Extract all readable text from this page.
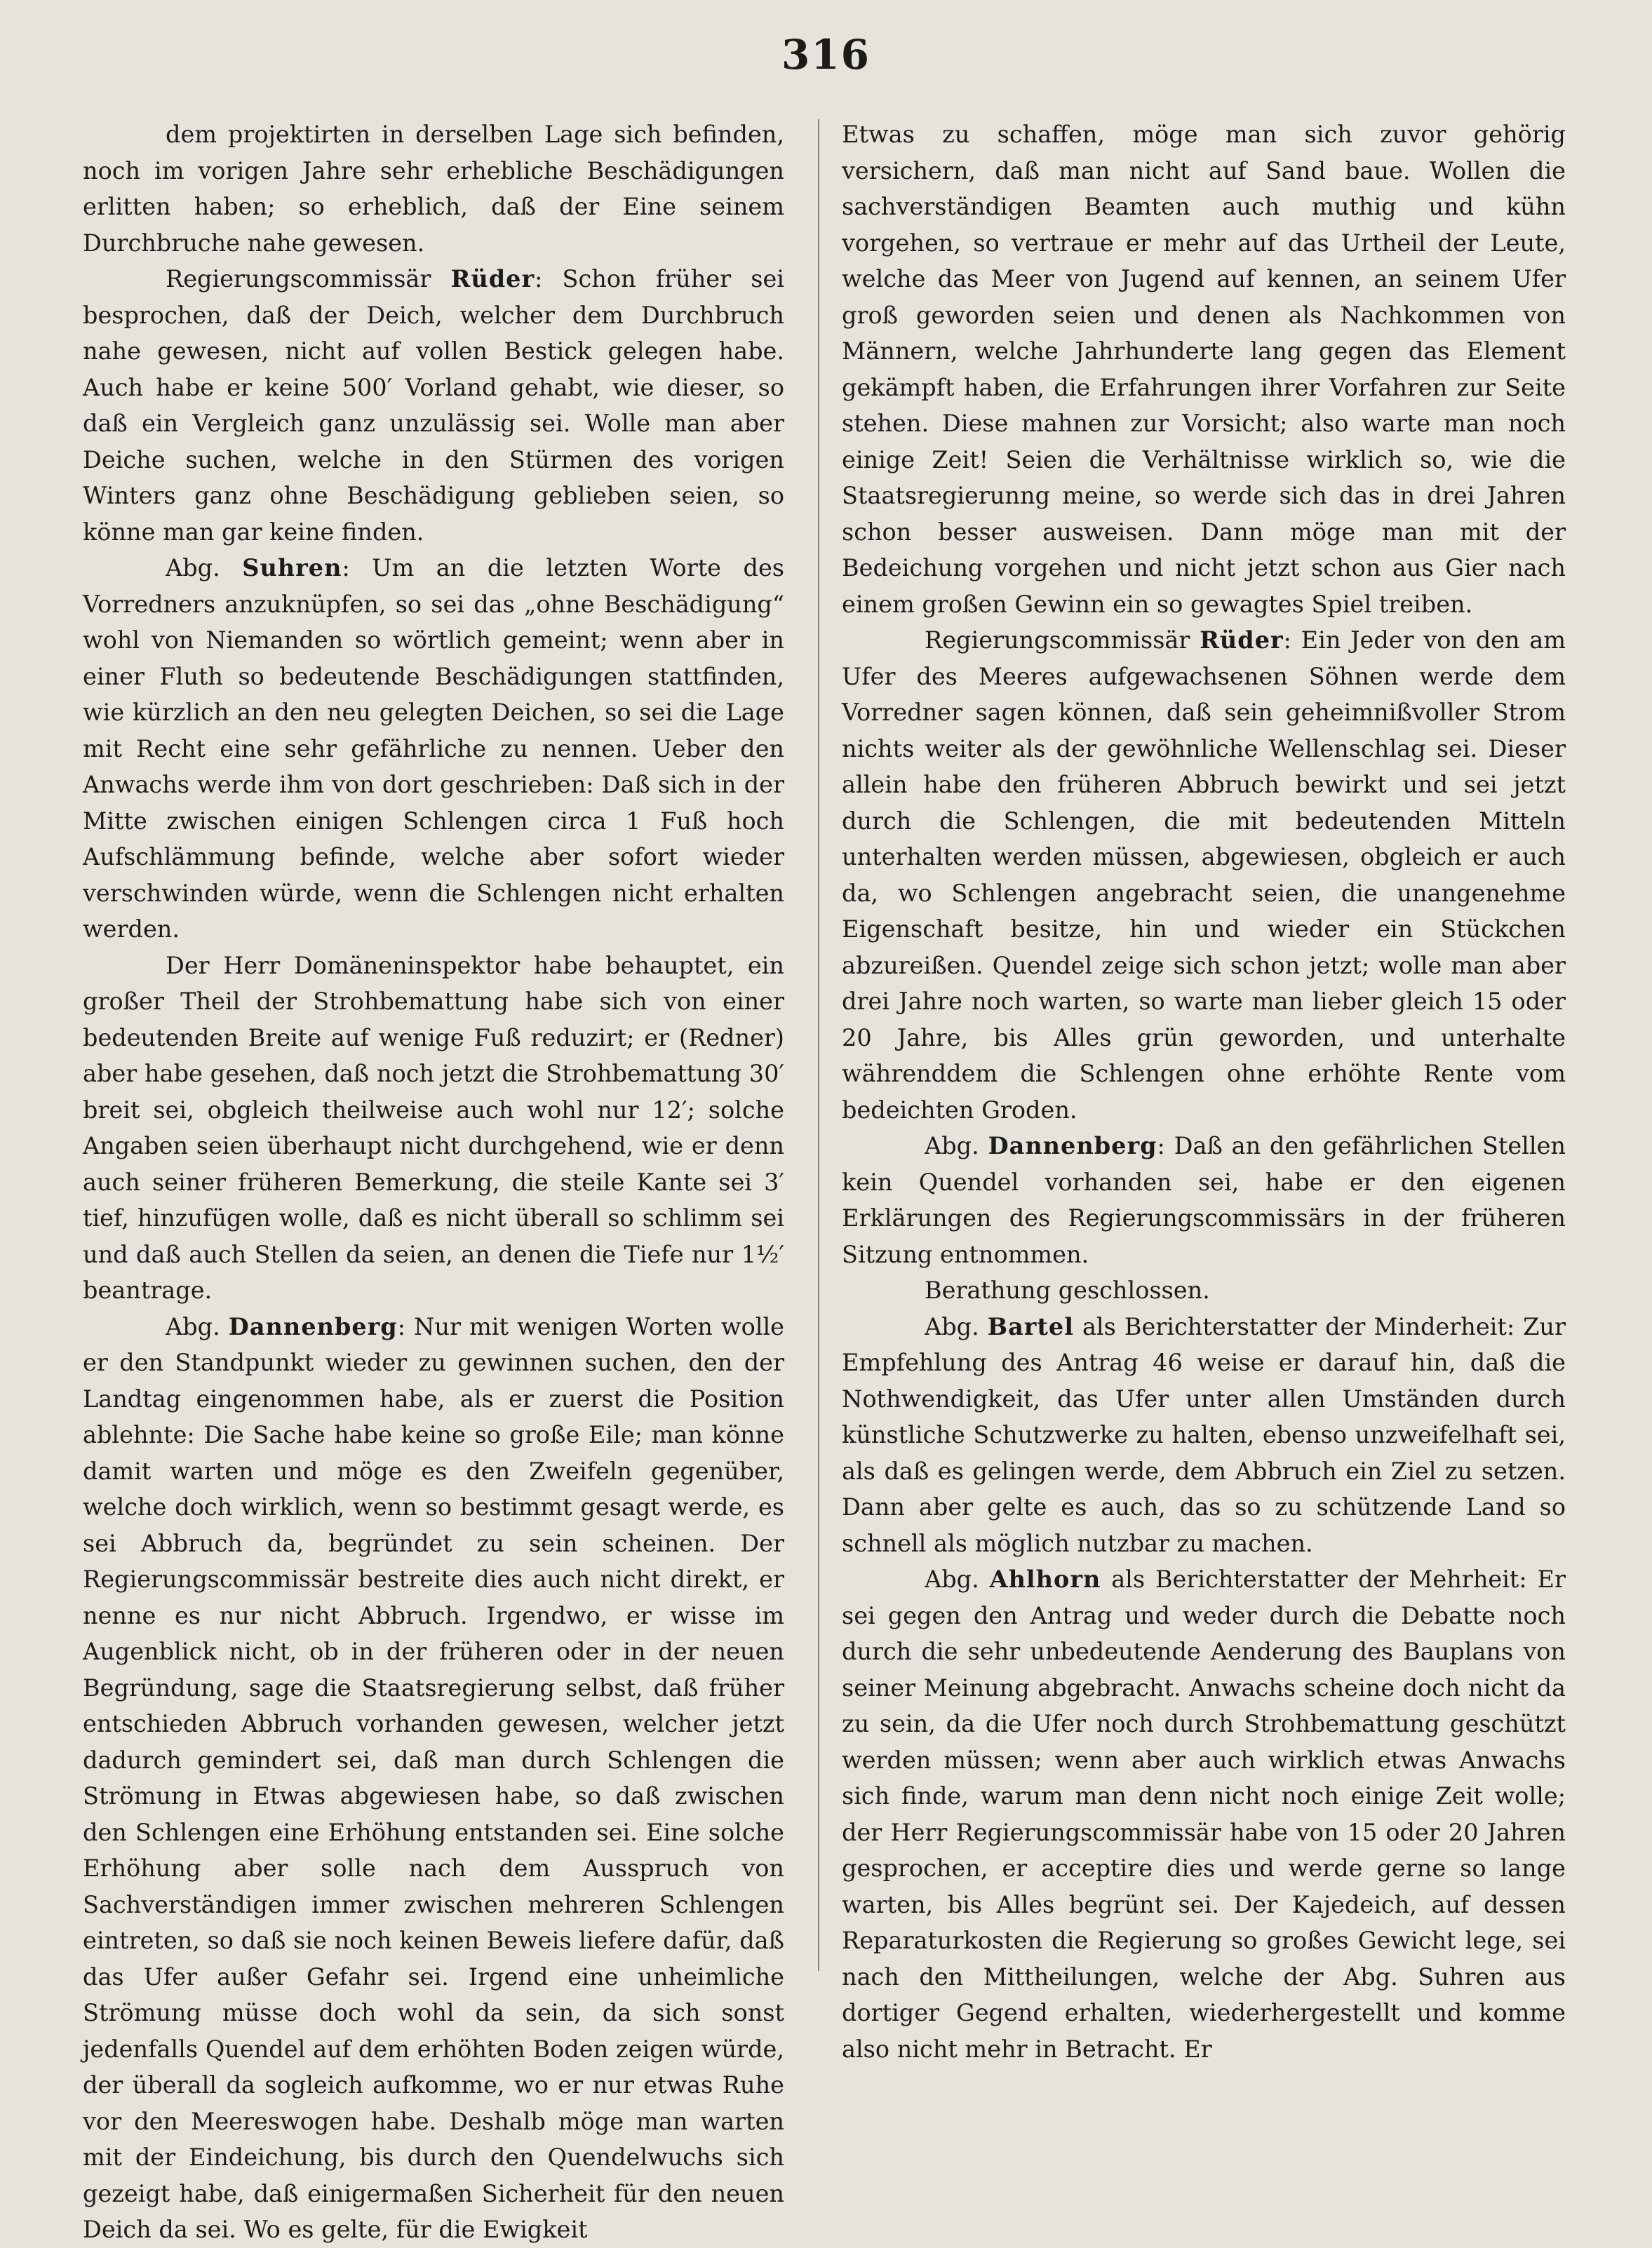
316

dem projektirten in derselben Lage sich befinden, noch im vorigen Jahre sehr erhebliche Beschädigungen erlitten haben; so erheblich, daß der Eine seinem Durchbruche nahe gewesen.

Regierungscommissär Rüder: Schon früher sei besprochen, daß der Deich, welcher dem Durchbruch nahe gewesen, nicht auf vollen Bestick gelegen habe. Auch habe er keine 500′ Vorland gehabt, wie dieser, so daß ein Vergleich ganz unzulässig sei. Wolle man aber Deiche suchen, welche in den Stürmen des vorigen Winters ganz ohne Beschädigung geblieben seien, so könne man gar keine finden.

Abg. Suhren: Um an die letzten Worte des Vorredners anzuknüpfen, so sei das „ohne Beschädigung“ wohl von Niemanden so wörtlich gemeint; wenn aber in einer Fluth so bedeutende Beschädigungen stattfinden, wie kürzlich an den neu gelegten Deichen, so sei die Lage mit Recht eine sehr gefährliche zu nennen. Ueber den Anwachs werde ihm von dort geschrieben: Daß sich in der Mitte zwischen einigen Schlengen circa 1 Fuß hoch Aufschlämmung befinde, welche aber sofort wieder verschwinden würde, wenn die Schlengen nicht erhalten werden.

Der Herr Domäneninspektor habe behauptet, ein großer Theil der Strohbemattung habe sich von einer bedeutenden Breite auf wenige Fuß reduzirt; er (Redner) aber habe gesehen, daß noch jetzt die Strohbemattung 30′ breit sei, obgleich theilweise auch wohl nur 12′; solche Angaben seien überhaupt nicht durchgehend, wie er denn auch seiner früheren Bemerkung, die steile Kante sei 3′ tief, hinzufügen wolle, daß es nicht überall so schlimm sei und daß auch Stellen da seien, an denen die Tiefe nur 1½′ beantrage.

Abg. Dannenberg: Nur mit wenigen Worten wolle er den Standpunkt wieder zu gewinnen suchen, den der Landtag eingenommen habe, als er zuerst die Position ablehnte: Die Sache habe keine so große Eile; man könne damit warten und möge es den Zweifeln gegenüber, welche doch wirklich, wenn so bestimmt gesagt werde, es sei Abbruch da, begründet zu sein scheinen. Der Regierungscommissär bestreite dies auch nicht direkt, er nenne es nur nicht Abbruch. Irgendwo, er wisse im Augenblick nicht, ob in der früheren oder in der neuen Begründung, sage die Staatsregierung selbst, daß früher entschieden Abbruch vorhanden gewesen, welcher jetzt dadurch gemindert sei, daß man durch Schlengen die Strömung in Etwas abgewiesen habe, so daß zwischen den Schlengen eine Erhöhung entstanden sei. Eine solche Erhöhung aber solle nach dem Ausspruch von Sachverständigen immer zwischen mehreren Schlengen eintreten, so daß sie noch keinen Beweis liefere dafür, daß das Ufer außer Gefahr sei. Irgend eine unheimliche Strömung müsse doch wohl da sein, da sich sonst jedenfalls Quendel auf dem erhöhten Boden zeigen würde, der überall da sogleich aufkomme, wo er nur etwas Ruhe vor den Meereswogen habe. Deshalb möge man warten mit der Eindeichung, bis durch den Quendelwuchs sich gezeigt habe, daß einigermaßen Sicherheit für den neuen Deich da sei. Wo es gelte, für die Ewigkeit

Etwas zu schaffen, möge man sich zuvor gehörig versichern, daß man nicht auf Sand baue. Wollen die sachverständigen Beamten auch muthig und kühn vorgehen, so vertraue er mehr auf das Urtheil der Leute, welche das Meer von Jugend auf kennen, an seinem Ufer groß geworden seien und denen als Nachkommen von Männern, welche Jahrhunderte lang gegen das Element gekämpft haben, die Erfahrungen ihrer Vorfahren zur Seite stehen. Diese mahnen zur Vorsicht; also warte man noch einige Zeit! Seien die Verhältnisse wirklich so, wie die Staatsregierunng meine, so werde sich das in drei Jahren schon besser ausweisen. Dann möge man mit der Bedeichung vorgehen und nicht jetzt schon aus Gier nach einem großen Gewinn ein so gewagtes Spiel treiben.

Regierungscommissär Rüder: Ein Jeder von den am Ufer des Meeres aufgewachsenen Söhnen werde dem Vorredner sagen können, daß sein geheimnißvoller Strom nichts weiter als der gewöhnliche Wellenschlag sei. Dieser allein habe den früheren Abbruch bewirkt und sei jetzt durch die Schlengen, die mit bedeutenden Mitteln unterhalten werden müssen, abgewiesen, obgleich er auch da, wo Schlengen angebracht seien, die unangenehme Eigenschaft besitze, hin und wieder ein Stückchen abzureißen. Quendel zeige sich schon jetzt; wolle man aber drei Jahre noch warten, so warte man lieber gleich 15 oder 20 Jahre, bis Alles grün geworden, und unterhalte währenddem die Schlengen ohne erhöhte Rente vom bedeichten Groden.

Abg. Dannenberg: Daß an den gefährlichen Stellen kein Quendel vorhanden sei, habe er den eigenen Erklärungen des Regierungscommissärs in der früheren Sitzung entnommen.

Berathung geschlossen.

Abg. Bartel als Berichterstatter der Minderheit: Zur Empfehlung des Antrag 46 weise er darauf hin, daß die Nothwendigkeit, das Ufer unter allen Umständen durch künstliche Schutzwerke zu halten, ebenso unzweifelhaft sei, als daß es gelingen werde, dem Abbruch ein Ziel zu setzen. Dann aber gelte es auch, das so zu schützende Land so schnell als möglich nutzbar zu machen.

Abg. Ahlhorn als Berichterstatter der Mehrheit: Er sei gegen den Antrag und weder durch die Debatte noch durch die sehr unbedeutende Aenderung des Bauplans von seiner Meinung abgebracht. Anwachs scheine doch nicht da zu sein, da die Ufer noch durch Strohbemattung geschützt werden müssen; wenn aber auch wirklich etwas Anwachs sich finde, warum man denn nicht noch einige Zeit wolle; der Herr Regierungscommissär habe von 15 oder 20 Jahren gesprochen, er acceptire dies und werde gerne so lange warten, bis Alles begrünt sei. Der Kajedeich, auf dessen Reparaturkosten die Regierung so großes Gewicht lege, sei nach den Mittheilungen, welche der Abg. Suhren aus dortiger Gegend erhalten, wiederhergestellt und komme also nicht mehr in Betracht. Er
